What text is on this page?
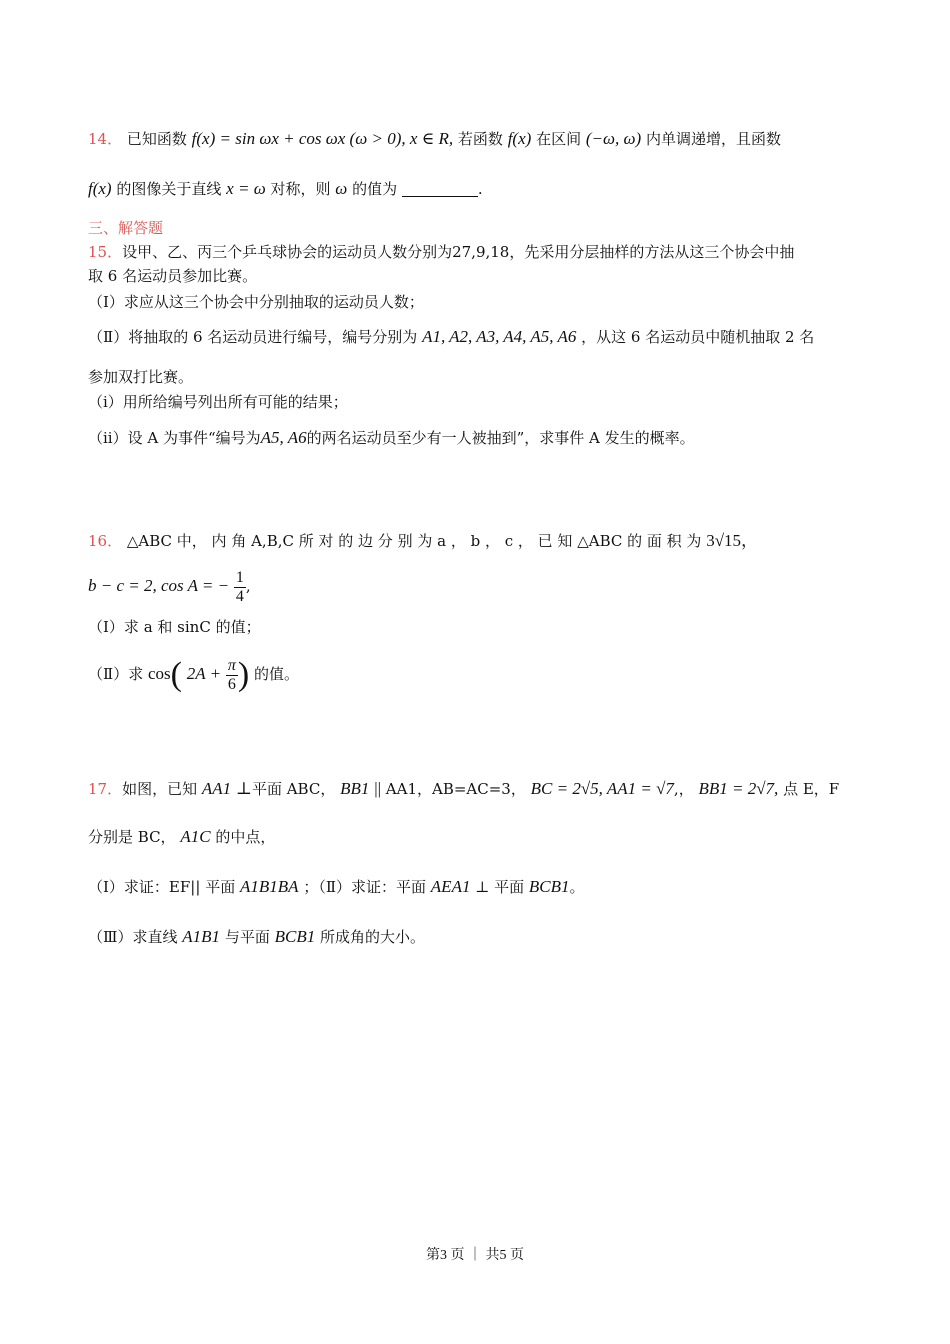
14． 已知函数 f(x) = sin ωx + cos ωx (ω > 0), x ∈ R, 若函数 f(x) 在区间 (−ω, ω) 内单调递增，且函数
f(x) 的图像关于直线 x = ω 对称，则 ω 的值为	.
三、解答题
15．设甲、乙、丙三个乒乓球协会的运动员人数分别为27,9,18，先采用分层抽样的方法从这三个协会中抽
取 6 名运动员参加比赛。
（Ⅰ）求应从这三个协会中分别抽取的运动员人数；
（Ⅱ）将抽取的 6 名运动员进行编号，编号分别为 A1, A2, A3, A4, A5, A6 ，从这 6 名运动员中随机抽取 2 名
参加双打比赛。
（i）用所给编号列出所有可能的结果；
（ii）设 A 为事件“编号为A5, A6的两名运动员至少有一人被抽到”，求事件 A 发生的概率。
16． △ABC 中， 内 角 A,B,C 所 对 的 边 分 别 为 a ， b ， c ， 已 知 △ABC 的 面 积 为 3√15，
b − c = 2, cos A = − $\frac{1}{4}$ ,
（Ⅰ）求 a 和 sinC 的值；
（Ⅱ）求 cos( $2A + \frac{\pi}{6}$ ) 的值。
17．如图，已知 AA1 ⊥平面 ABC， BB1 || AA1，AB=AC=3， BC = 2√5, AA1 = √7,， BB1 = 2√7, 点 E，F
分别是 BC， A1C 的中点，
（Ⅰ）求证：EF|| 平面 A1B1BA ；（Ⅱ）求证：平面 AEA1 ⊥ 平面 BCB1。
（Ⅲ）求直线 A1B1 与平面 BCB1 所成角的大小。
第3 页 ｜ 共5 页
